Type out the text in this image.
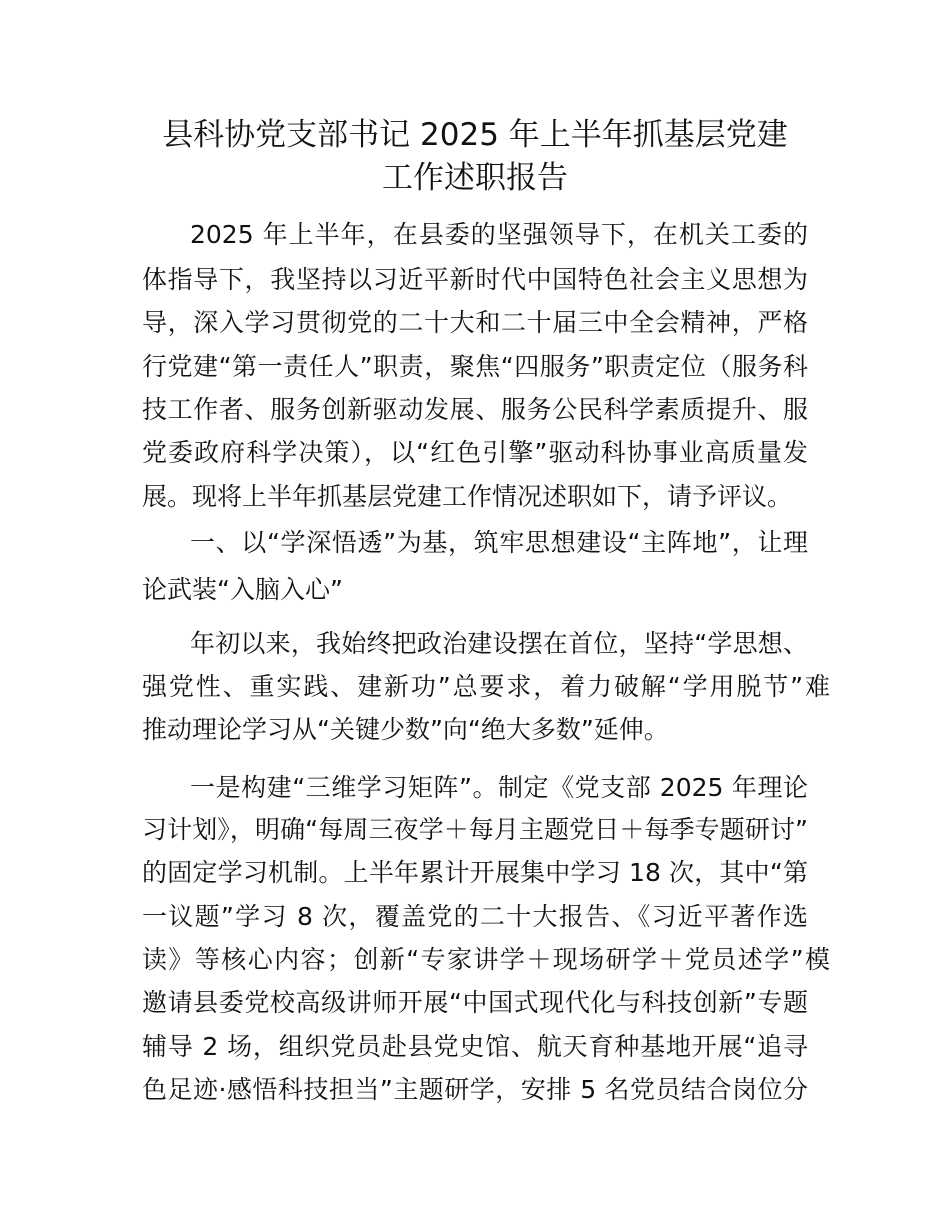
县科协党支部书记 2025 年上半年抓基层党建
工作述职报告
2025 年上半年，在县委的坚强领导下，在机关工委的
体指导下，我坚持以习近平新时代中国特色社会主义思想为
导，深入学习贯彻党的二十大和二十届三中全会精神，严格
行党建“第一责任人”职责，聚焦“四服务”职责定位（服务科
技工作者、服务创新驱动发展、服务公民科学素质提升、服
党委政府科学决策），以“红色引擎”驱动科协事业高质量发
展。现将上半年抓基层党建工作情况述职如下，请予评议。
一、以“学深悟透”为基，筑牢思想建设“主阵地”，让理
论武装“入脑入心”
年初以来，我始终把政治建设摆在首位，坚持“学思想、
强党性、重实践、建新功”总要求，着力破解“学用脱节”难
推动理论学习从“关键少数”向“绝大多数”延伸。
一是构建“三维学习矩阵”。制定《党支部 2025 年理论
习计划》，明确“每周三夜学＋每月主题党日＋每季专题研讨”
的固定学习机制。上半年累计开展集中学习 18 次，其中“第
一议题”学习 8 次，覆盖党的二十大报告、《习近平著作选
读》等核心内容；创新“专家讲学＋现场研学＋党员述学”模
邀请县委党校高级讲师开展“中国式现代化与科技创新”专题
辅导 2 场，组织党员赴县党史馆、航天育种基地开展“追寻
色足迹·感悟科技担当”主题研学，安排 5 名党员结合岗位分
